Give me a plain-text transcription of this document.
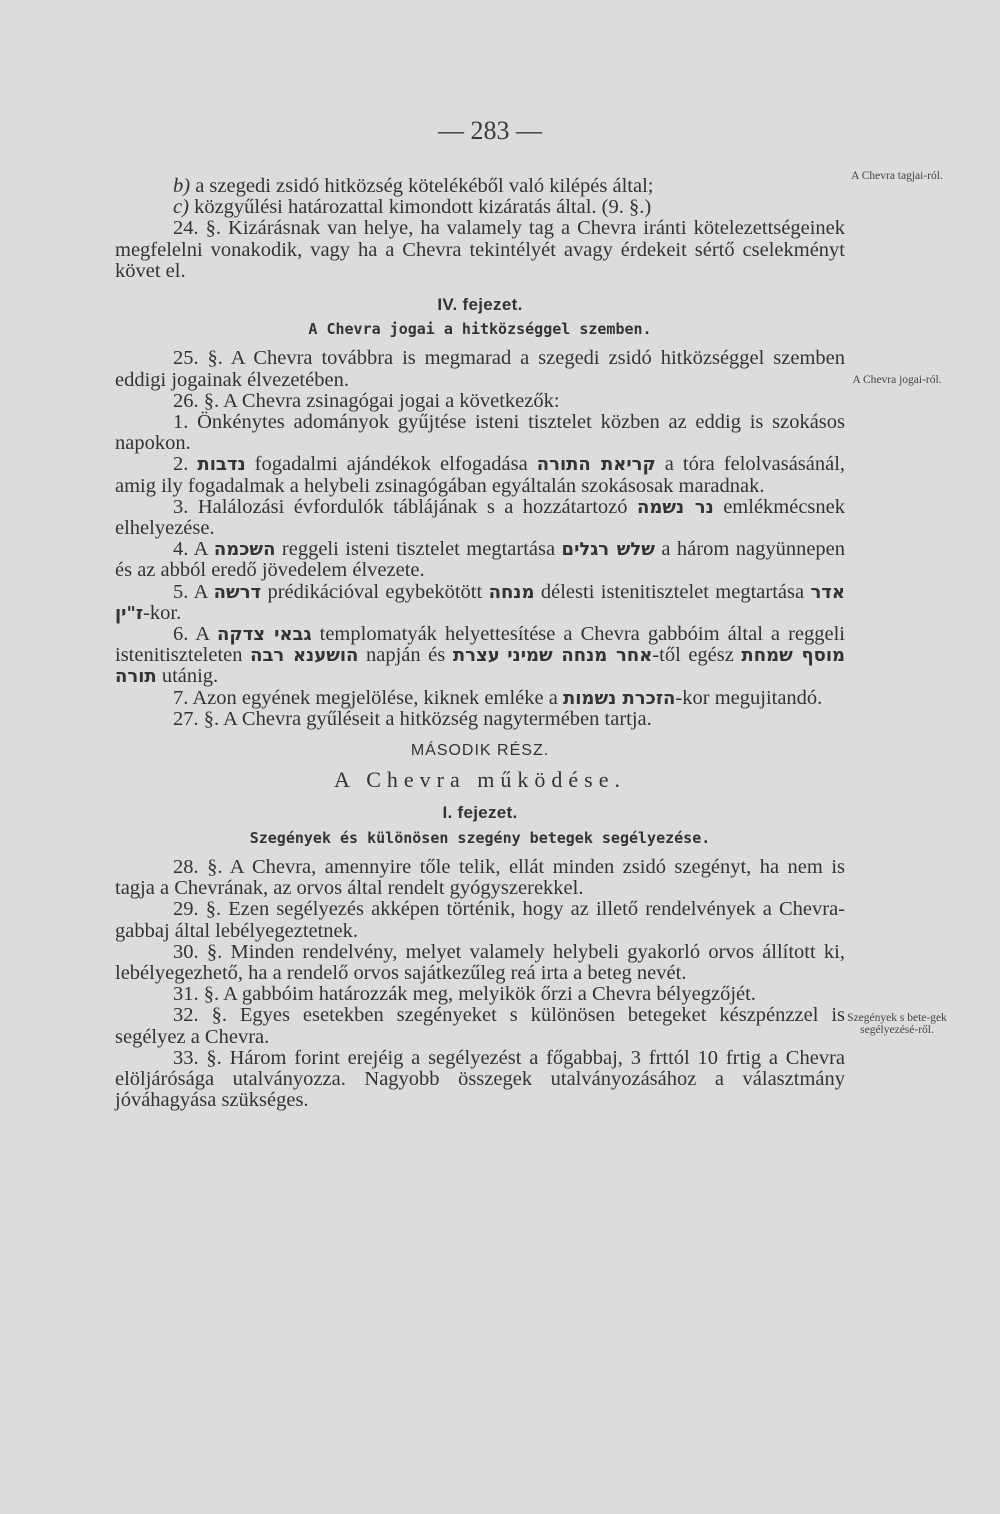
— 283 —
A Chevra tagjai-ról.
A Chevra jogai-ról.
Szegények s bete-gek segélyezésé-ről.

b) a szegedi zsidó hitközség kötelékéből való kilépés által;

c) közgyűlési határozattal kimondott kizáratás által. (9. §.)

24. §. Kizárásnak van helye, ha valamely tag a Chevra iránti kötelezettségeinek megfelelni vonakodik, vagy ha a Chevra tekintélyét avagy érdekeit sértő cselekményt követ el.

IV. fejezet.

A Chevra jogai a hitközséggel szemben.

25. §. A Chevra továbbra is megmarad a szegedi zsidó hitközséggel szemben eddigi jogainak élvezetében.

26. §. A Chevra zsinagógai jogai a következők:

1. Önkénytes adományok gyűjtése isteni tisztelet közben az eddig is szokásos napokon.

2. נדבות fogadalmi ajándékok elfogadása קריאת התורה a tóra felolvasásánál, amig ily fogadalmak a helybeli zsinagógában egyáltalán szokásosak maradnak.

3. Halálozási évfordulók táblájának s a hozzátartozó נר נשמה emlékmécsnek elhelyezése.

4. A השכמה reggeli isteni tisztelet megtartása שלש רגלים a három nagyünnepen és az abból eredő jövedelem élvezete.

5. A דרשה prédikációval egybekötött מנחה délesti istenitisztelet megtartása אדר ז"ין-kor.

6. A גבאי צדקה templomatyák helyettesítése a Chevra gabbóim által a reggeli istenitiszteleten הושענא רבה napján és	אחר מנחה שמיני עצרת	-től egész מוסף שמחת תורה utánig.

7. Azon egyének megjelölése, kiknek emléke a הזכרת נשמות-kor megujitandó.

27. §. A Chevra gyűléseit a hitközség nagytermében tartja.

MÁSODIK RÉSZ.

A Chevra működése.

I. fejezet.

Szegények és különösen szegény betegek segélyezése.

28. §. A Chevra, amennyire tőle telik, ellát minden zsidó szegényt, ha nem is tagja a Chevrának, az orvos által rendelt gyógyszerekkel.

29. §. Ezen segélyezés akképen történik, hogy az illető rendelvények a Chevra-gabbaj által lebélyegeztetnek.

30. §. Minden rendelvény, melyet valamely helybeli gyakorló orvos állított ki, lebélyegezhető, ha a rendelő orvos sajátkezűleg reá irta a beteg nevét.

31. §. A gabbóim határozzák meg, melyikök őrzi a Chevra bélyegzőjét.

32. §. Egyes esetekben szegényeket s különösen betegeket készpénzzel is segélyez a Chevra.

33. §. Három forint erejéig a segélyezést a főgabbaj, 3 frttól 10 frtig a Chevra elöljárósága utalványozza. Nagyobb összegek utalványozásához a választmány jóváhagyása szükséges.
